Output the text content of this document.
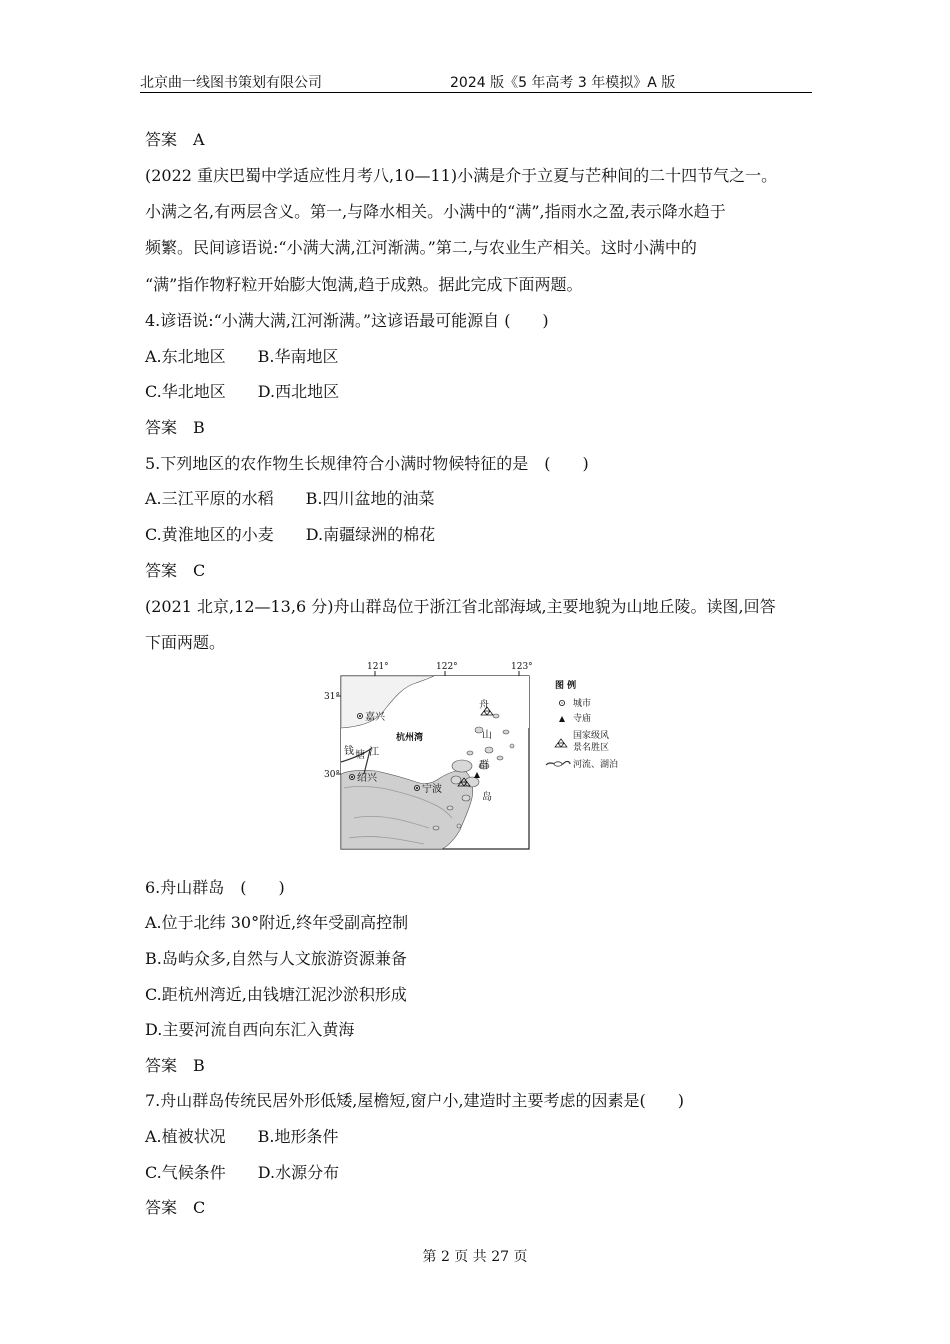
北京曲一线图书策划有限公司	2024 版《5 年高考 3 年模拟》A 版
答案　A
(2022 重庆巴蜀中学适应性月考八,10—11)小满是介于立夏与芒种间的二十四节气之一。
小满之名,有两层含义。第一,与降水相关。小满中的“满”,指雨水之盈,表示降水趋于
频繁。民间谚语说:“小满大满,江河渐满。”第二,与农业生产相关。这时小满中的
“满”指作物籽粒开始膨大饱满,趋于成熟。据此完成下面两题。
4.谚语说:“小满大满,江河渐满。”这谚语最可能源自 (　　)
A.东北地区　　B.华南地区
C.华北地区　　D.西北地区
答案　B
5.下列地区的农作物生长规律符合小满时物候特征的是　(　　)
A.三江平原的水稻　　B.四川盆地的油菜
C.黄淮地区的小麦　　D.南疆绿洲的棉花
答案　C
(2021 北京,12—13,6 分)舟山群岛位于浙江省北部海域,主要地貌为山地丘陵。读图,回答
下面两题。
121°	122°	123°
31°
30°
嘉兴
杭州湾
钱 塘 江
绍兴
宁波
舟
山
群
岛
图 例
城市
寺庙
国家级风
景名胜区
河流、湖泊
6.舟山群岛　(　　)
A.位于北纬 30°附近,终年受副高控制
B.岛屿众多,自然与人文旅游资源兼备
C.距杭州湾近,由钱塘江泥沙淤积形成
D.主要河流自西向东汇入黄海
答案　B
7.舟山群岛传统民居外形低矮,屋檐短,窗户小,建造时主要考虑的因素是(　　)
A.植被状况　　B.地形条件
C.气候条件　　D.水源分布
答案　C
第 2 页 共 27 页
